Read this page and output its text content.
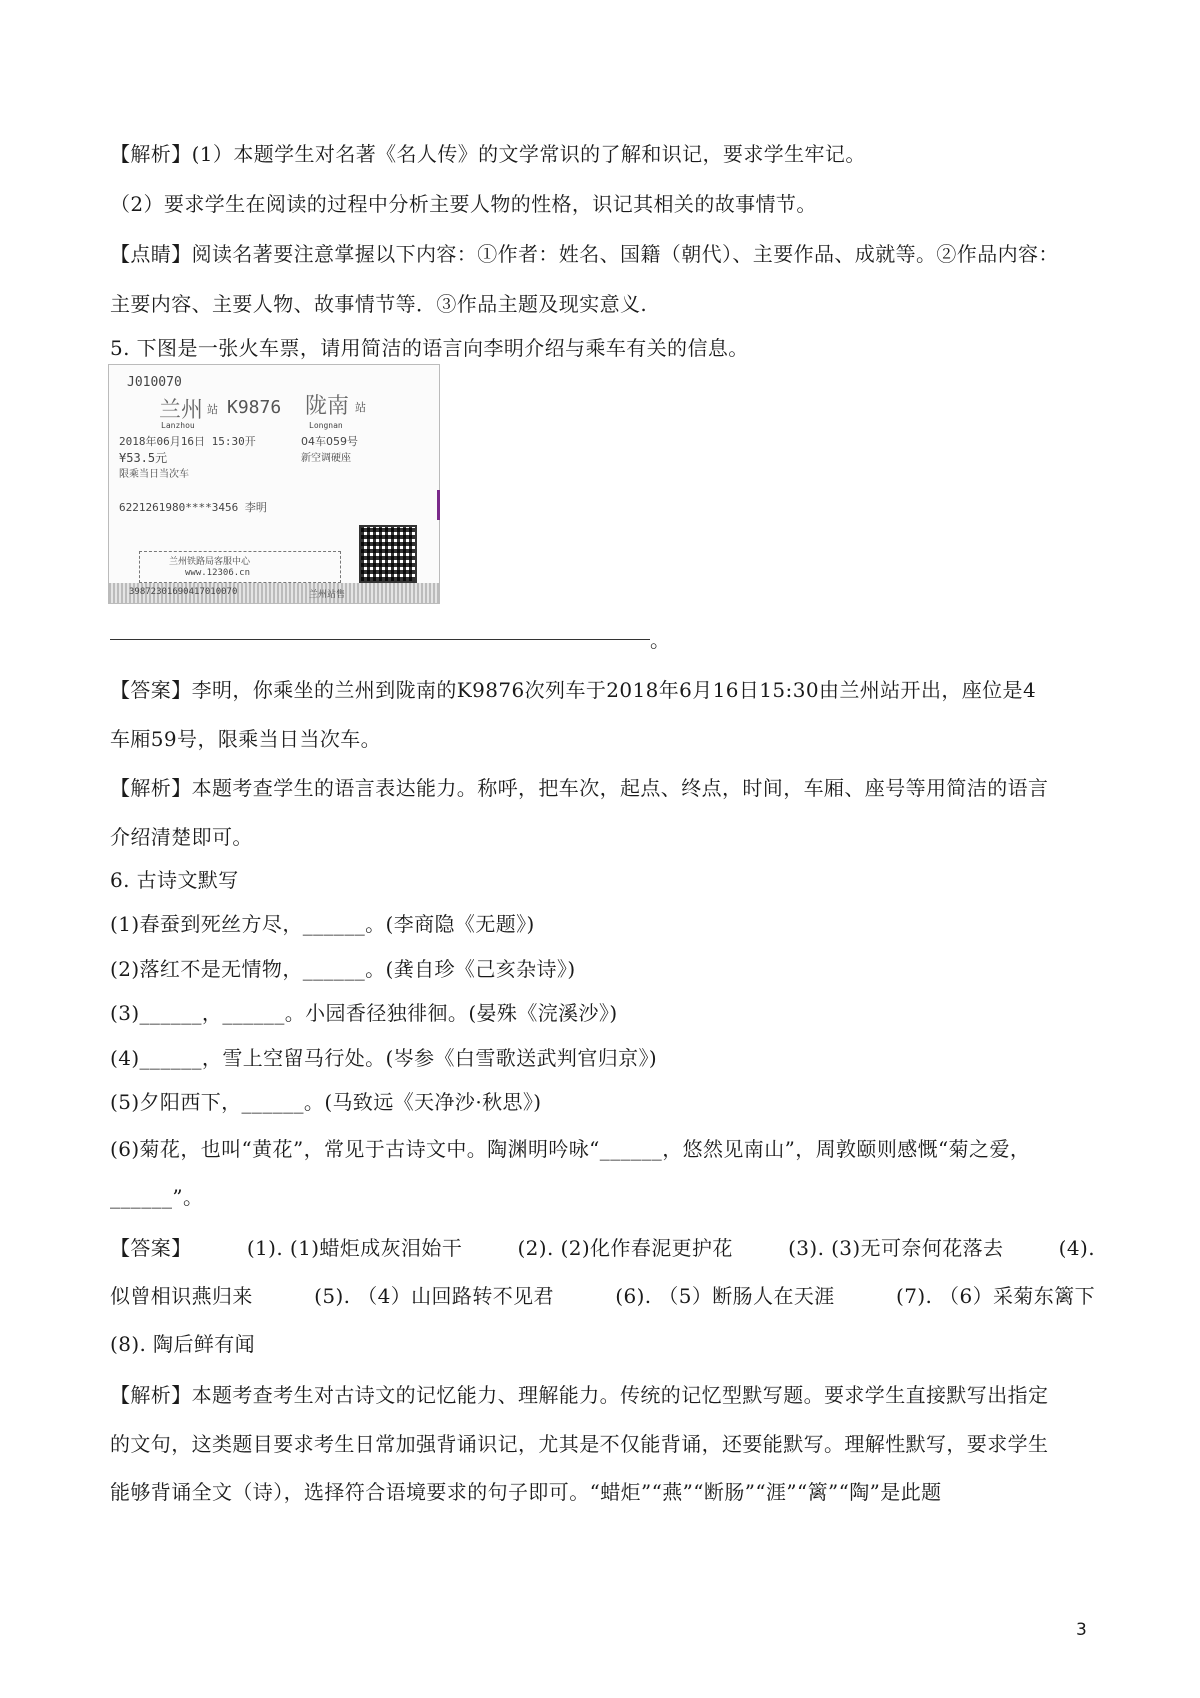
【解析】(1）本题学生对名著《名人传》的文学常识的了解和识记，要求学生牢记。
（2）要求学生在阅读的过程中分析主要人物的性格，识记其相关的故事情节。
【点睛】阅读名著要注意掌握以下内容：①作者：姓名、国籍（朝代）、主要作品、成就等。②作品内容：
主要内容、主要人物、故事情节等．③作品主题及现实意义.
5. 下图是一张火车票，请用简洁的语言向李明介绍与乘车有关的信息。
J010070
兰州 站 K9876 陇南 站
Lanzhou	Longnan
2018年06月16日 15:30开	04车059号
¥53.5元	新空调硬座
限乘当日当次车
6221261980****3456 李明
兰州铁路局客服中心
www.12306.cn
39872301690417010070	兰州站售
。
【答案】李明，你乘坐的兰州到陇南的K9876次列车于2018年6月16日15:30由兰州站开出，座位是4
车厢59号，限乘当日当次车。
【解析】本题考查学生的语言表达能力。称呼，把车次，起点、终点，时间，车厢、座号等用简洁的语言
介绍清楚即可。
6. 古诗文默写
(1)春蚕到死丝方尽，______。(李商隐《无题》)
(2)落红不是无情物，______。(龚自珍《己亥杂诗》)
(3)______，______。小园香径独徘徊。(晏殊《浣溪沙》)
(4)______，雪上空留马行处。(岑参《白雪歌送武判官归京》)
(5)夕阳西下，______。(马致远《天净沙·秋思》)
(6)菊花，也叫“黄花”，常见于古诗文中。陶渊明吟咏“______，悠然见南山”，周敦颐则感慨“菊之爱，
______”。
【答案】	(1). (1)蜡炬成灰泪始干	(2). (2)化作春泥更护花	(3). (3)无可奈何花落去	(4).
似曾相识燕归来	(5). （4）山回路转不见君	(6). （5）断肠人在天涯	(7). （6）采菊东篱下
(8). 陶后鲜有闻
【解析】本题考查考生对古诗文的记忆能力、理解能力。传统的记忆型默写题。要求学生直接默写出指定
的文句，这类题目要求考生日常加强背诵识记，尤其是不仅能背诵，还要能默写。理解性默写，要求学生
能够背诵全文（诗），选择符合语境要求的句子即可。“蜡炬”“燕”“断肠”“涯”“篱”“陶”是此题
3
